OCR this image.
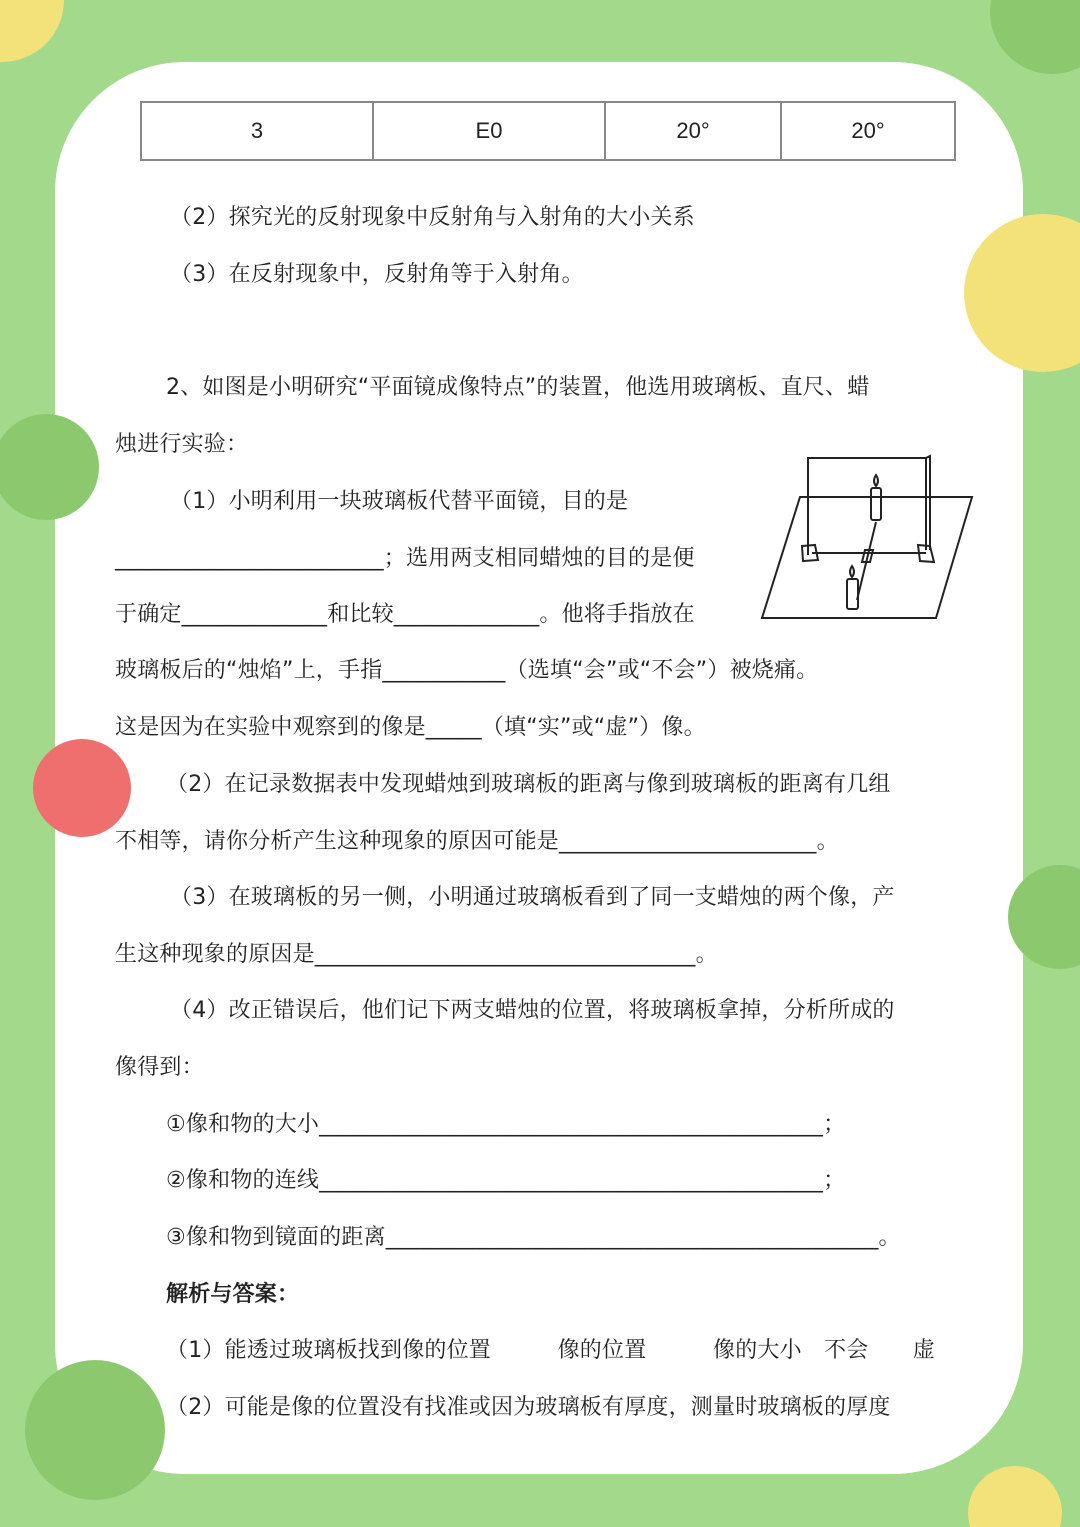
3	E0	20°	20°
（2）探究光的反射现象中反射角与入射角的大小关系
（3）在反射现象中，反射角等于入射角。
2、如图是小明研究“平面镜成像特点”的装置，他选用玻璃板、直尺、蜡
烛进行实验：
（1）小明利用一块玻璃板代替平面镜，目的是
________________________；选用两支相同蜡烛的目的是便
于确定_____________和比较_____________。他将手指放在
玻璃板后的“烛焰”上，手指___________（选填“会”或“不会”）被烧痛。
这是因为在实验中观察到的像是_____（填“实”或“虚”）像。
（2）在记录数据表中发现蜡烛到玻璃板的距离与像到玻璃板的距离有几组
不相等，请你分析产生这种现象的原因可能是_______________________。
（3）在玻璃板的另一侧，小明通过玻璃板看到了同一支蜡烛的两个像，产
生这种现象的原因是__________________________________。
（4）改正错误后，他们记下两支蜡烛的位置，将玻璃板拿掉，分析所成的
像得到：
①像和物的大小_____________________________________________；
②像和物的连线_____________________________________________；
③像和物到镜面的距离____________________________________________。
解析与答案：
（1）能透过玻璃板找到像的位置　　　像的位置　　　像的大小　不会　　虚
（2）可能是像的位置没有找准或因为玻璃板有厚度，测量时玻璃板的厚度
